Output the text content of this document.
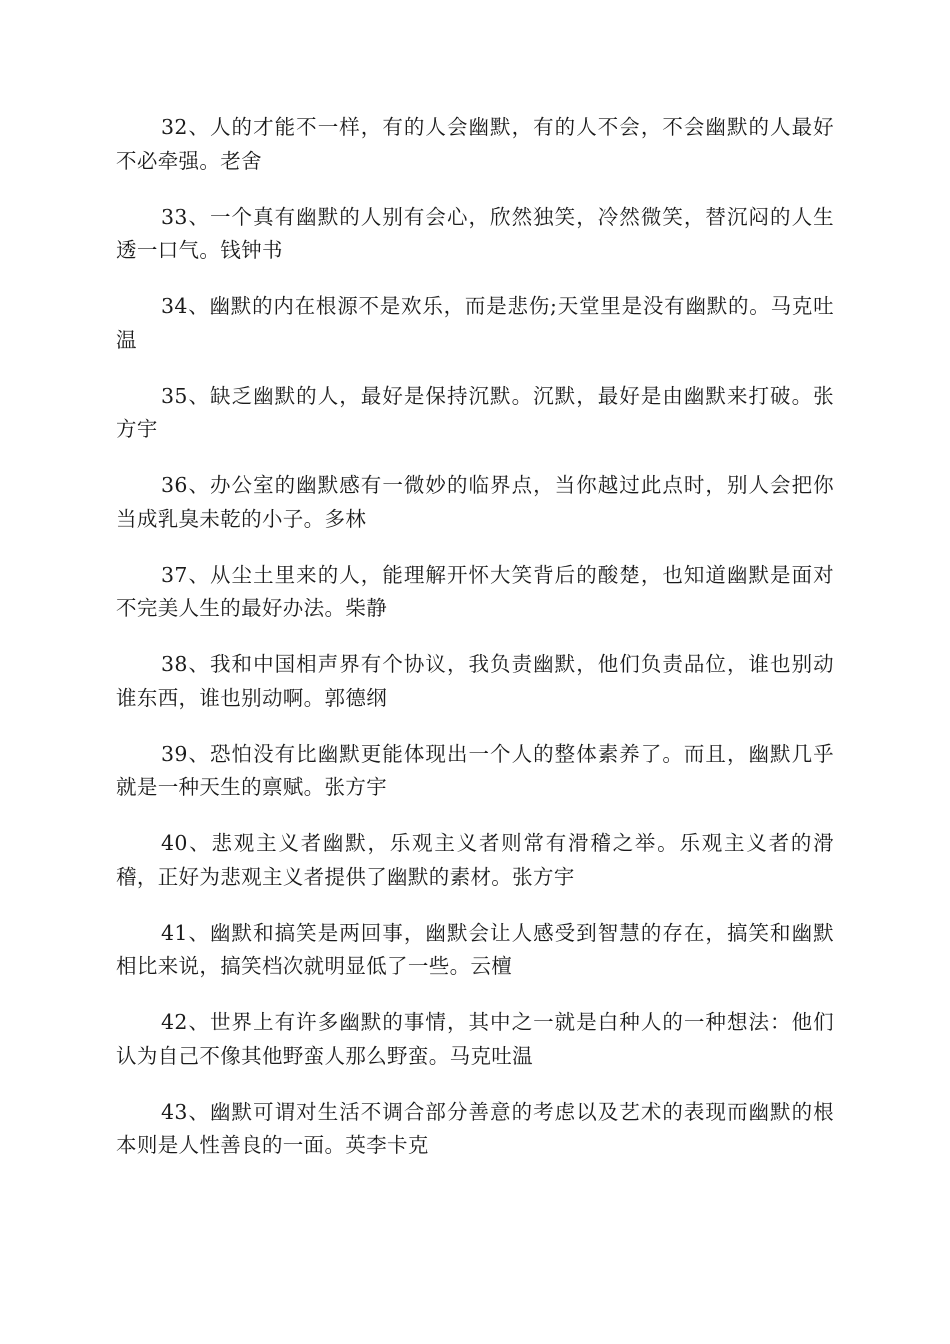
32、人的才能不一样，有的人会幽默，有的人不会，不会幽默的人最好不必牵强。老舍

33、一个真有幽默的人别有会心，欣然独笑，冷然微笑，替沉闷的人生透一口气。钱钟书

34、幽默的内在根源不是欢乐，而是悲伤;天堂里是没有幽默的。马克吐温

35、缺乏幽默的人，最好是保持沉默。沉默，最好是由幽默来打破。张方宇

36、办公室的幽默感有一微妙的临界点，当你越过此点时，别人会把你当成乳臭未乾的小子。多林

37、从尘土里来的人，能理解开怀大笑背后的酸楚，也知道幽默是面对不完美人生的最好办法。柴静

38、我和中国相声界有个协议，我负责幽默，他们负责品位，谁也别动谁东西，谁也别动啊。郭德纲

39、恐怕没有比幽默更能体现出一个人的整体素养了。而且，幽默几乎就是一种天生的禀赋。张方宇

40、悲观主义者幽默，乐观主义者则常有滑稽之举。乐观主义者的滑稽，正好为悲观主义者提供了幽默的素材。张方宇

41、幽默和搞笑是两回事，幽默会让人感受到智慧的存在，搞笑和幽默相比来说，搞笑档次就明显低了一些。云檀

42、世界上有许多幽默的事情，其中之一就是白种人的一种想法：他们认为自己不像其他野蛮人那么野蛮。马克吐温

43、幽默可谓对生活不调合部分善意的考虑以及艺术的表现而幽默的根本则是人性善良的一面。英李卡克
